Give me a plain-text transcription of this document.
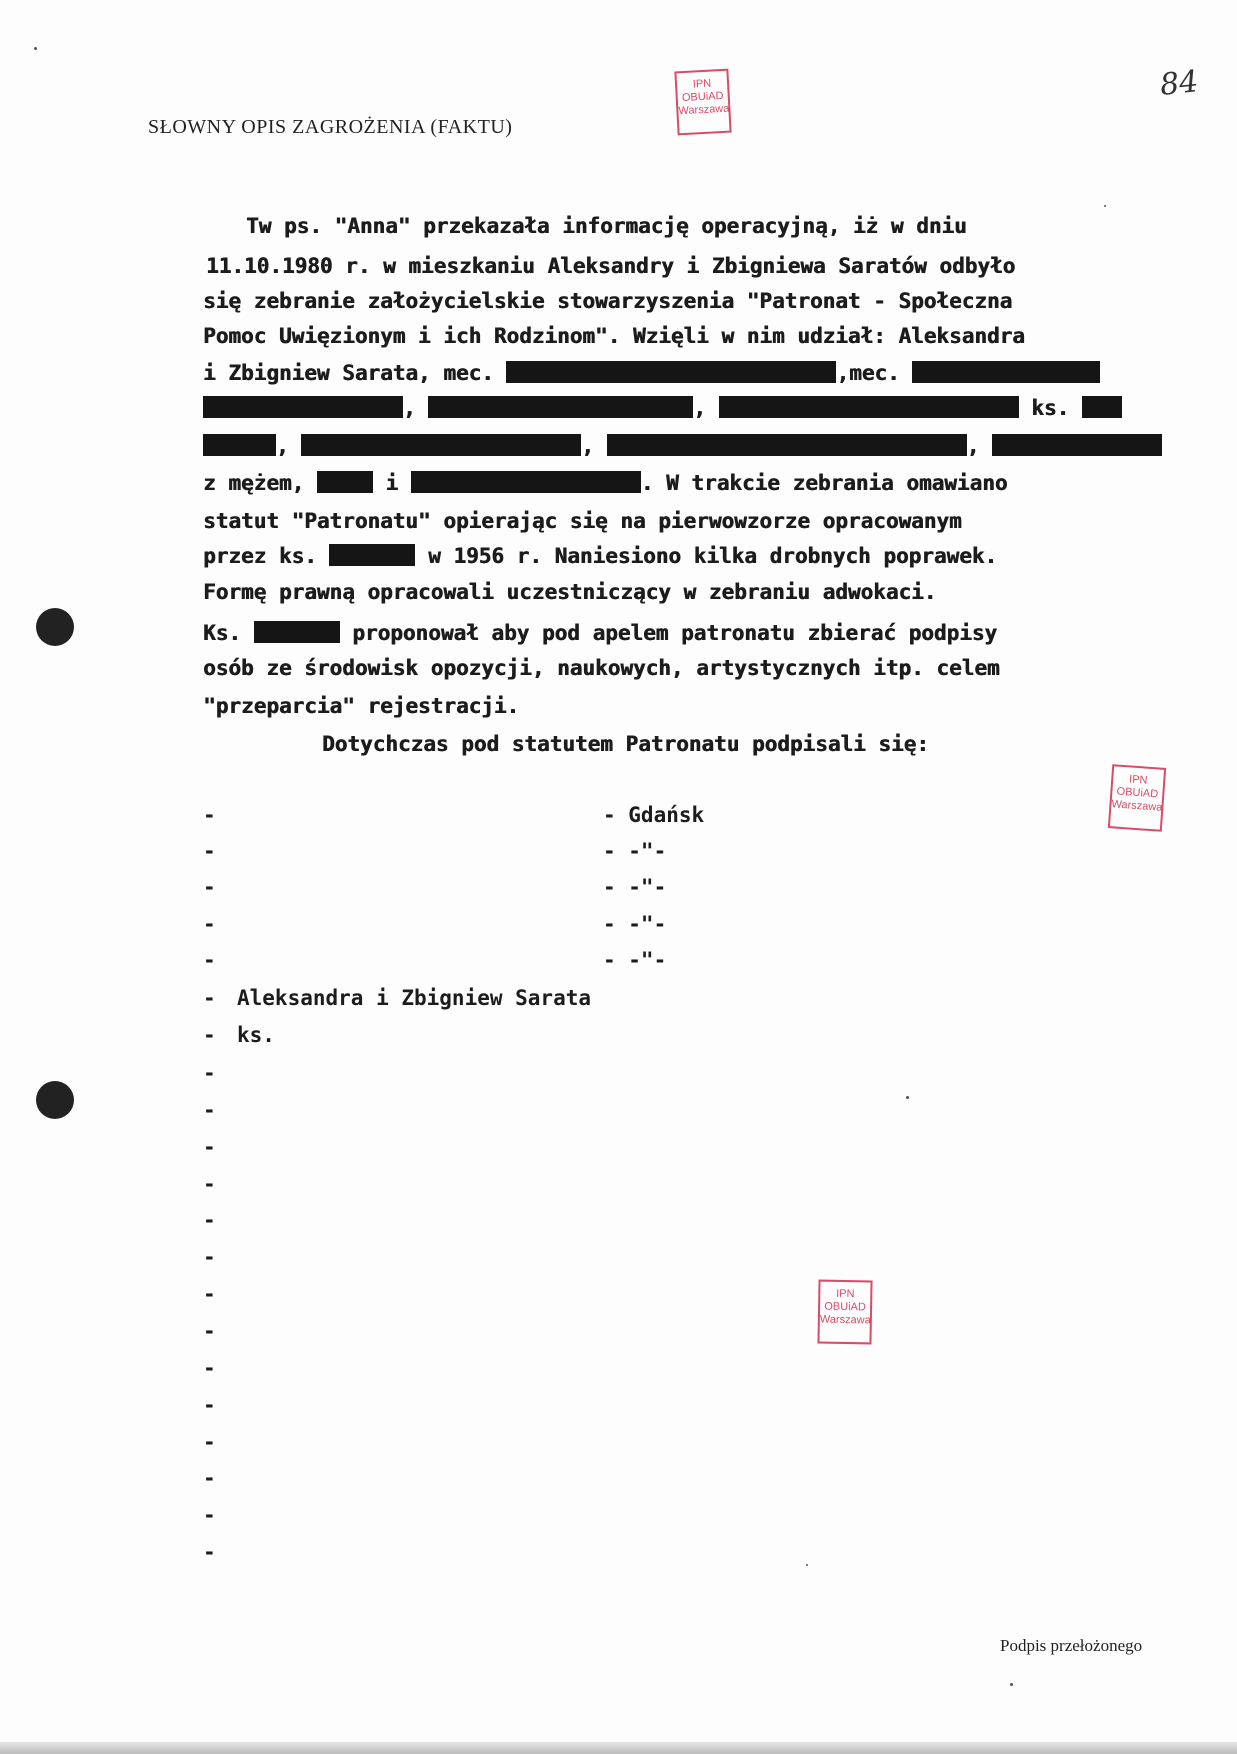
SŁOWNY OPIS ZAGROŻENIA (FAKTU)
84
IPN
OBUiAD
Warszawa
IPN
OBUiAD
Warszawa
IPN
OBUiAD
Warszawa
Tw ps. "Anna" przekazała informację operacyjną, iż w dniu
11.10.1980 r. w mieszkaniu Aleksandry i Zbigniewa Saratów odbyło
się zebranie założycielskie stowarzyszenia "Patronat - Społeczna
Pomoc Uwięzionym i ich Rodzinom". Wzięli w nim udział: Aleksandra
i Zbigniew Sarata, mec.	,mec.
,	,	ks.
,	,	,
z mężem,	i	. W trakcie zebrania omawiano
statut "Patronatu" opierając się na pierwowzorze opracowanym
przez ks.	w 1956 r. Naniesiono kilka drobnych poprawek.
Formę prawną opracowali uczestniczący w zebraniu adwokaci.
Ks.	proponował aby pod apelem patronatu zbierać podpisy
osób ze środowisk opozycji, naukowych, artystycznych itp. celem
"przeparcia" rejestracji.
Dotychczas pod statutem Patronatu podpisali się:
-	- Gdańsk
-	- -"-
-	- -"-
-	- -"-
-	- -"-
- Aleksandra i Zbigniew Sarata
- ks.
-
-
-
-
-
-
-
-
-
-
-
-
-
-
Podpis przełożonego
